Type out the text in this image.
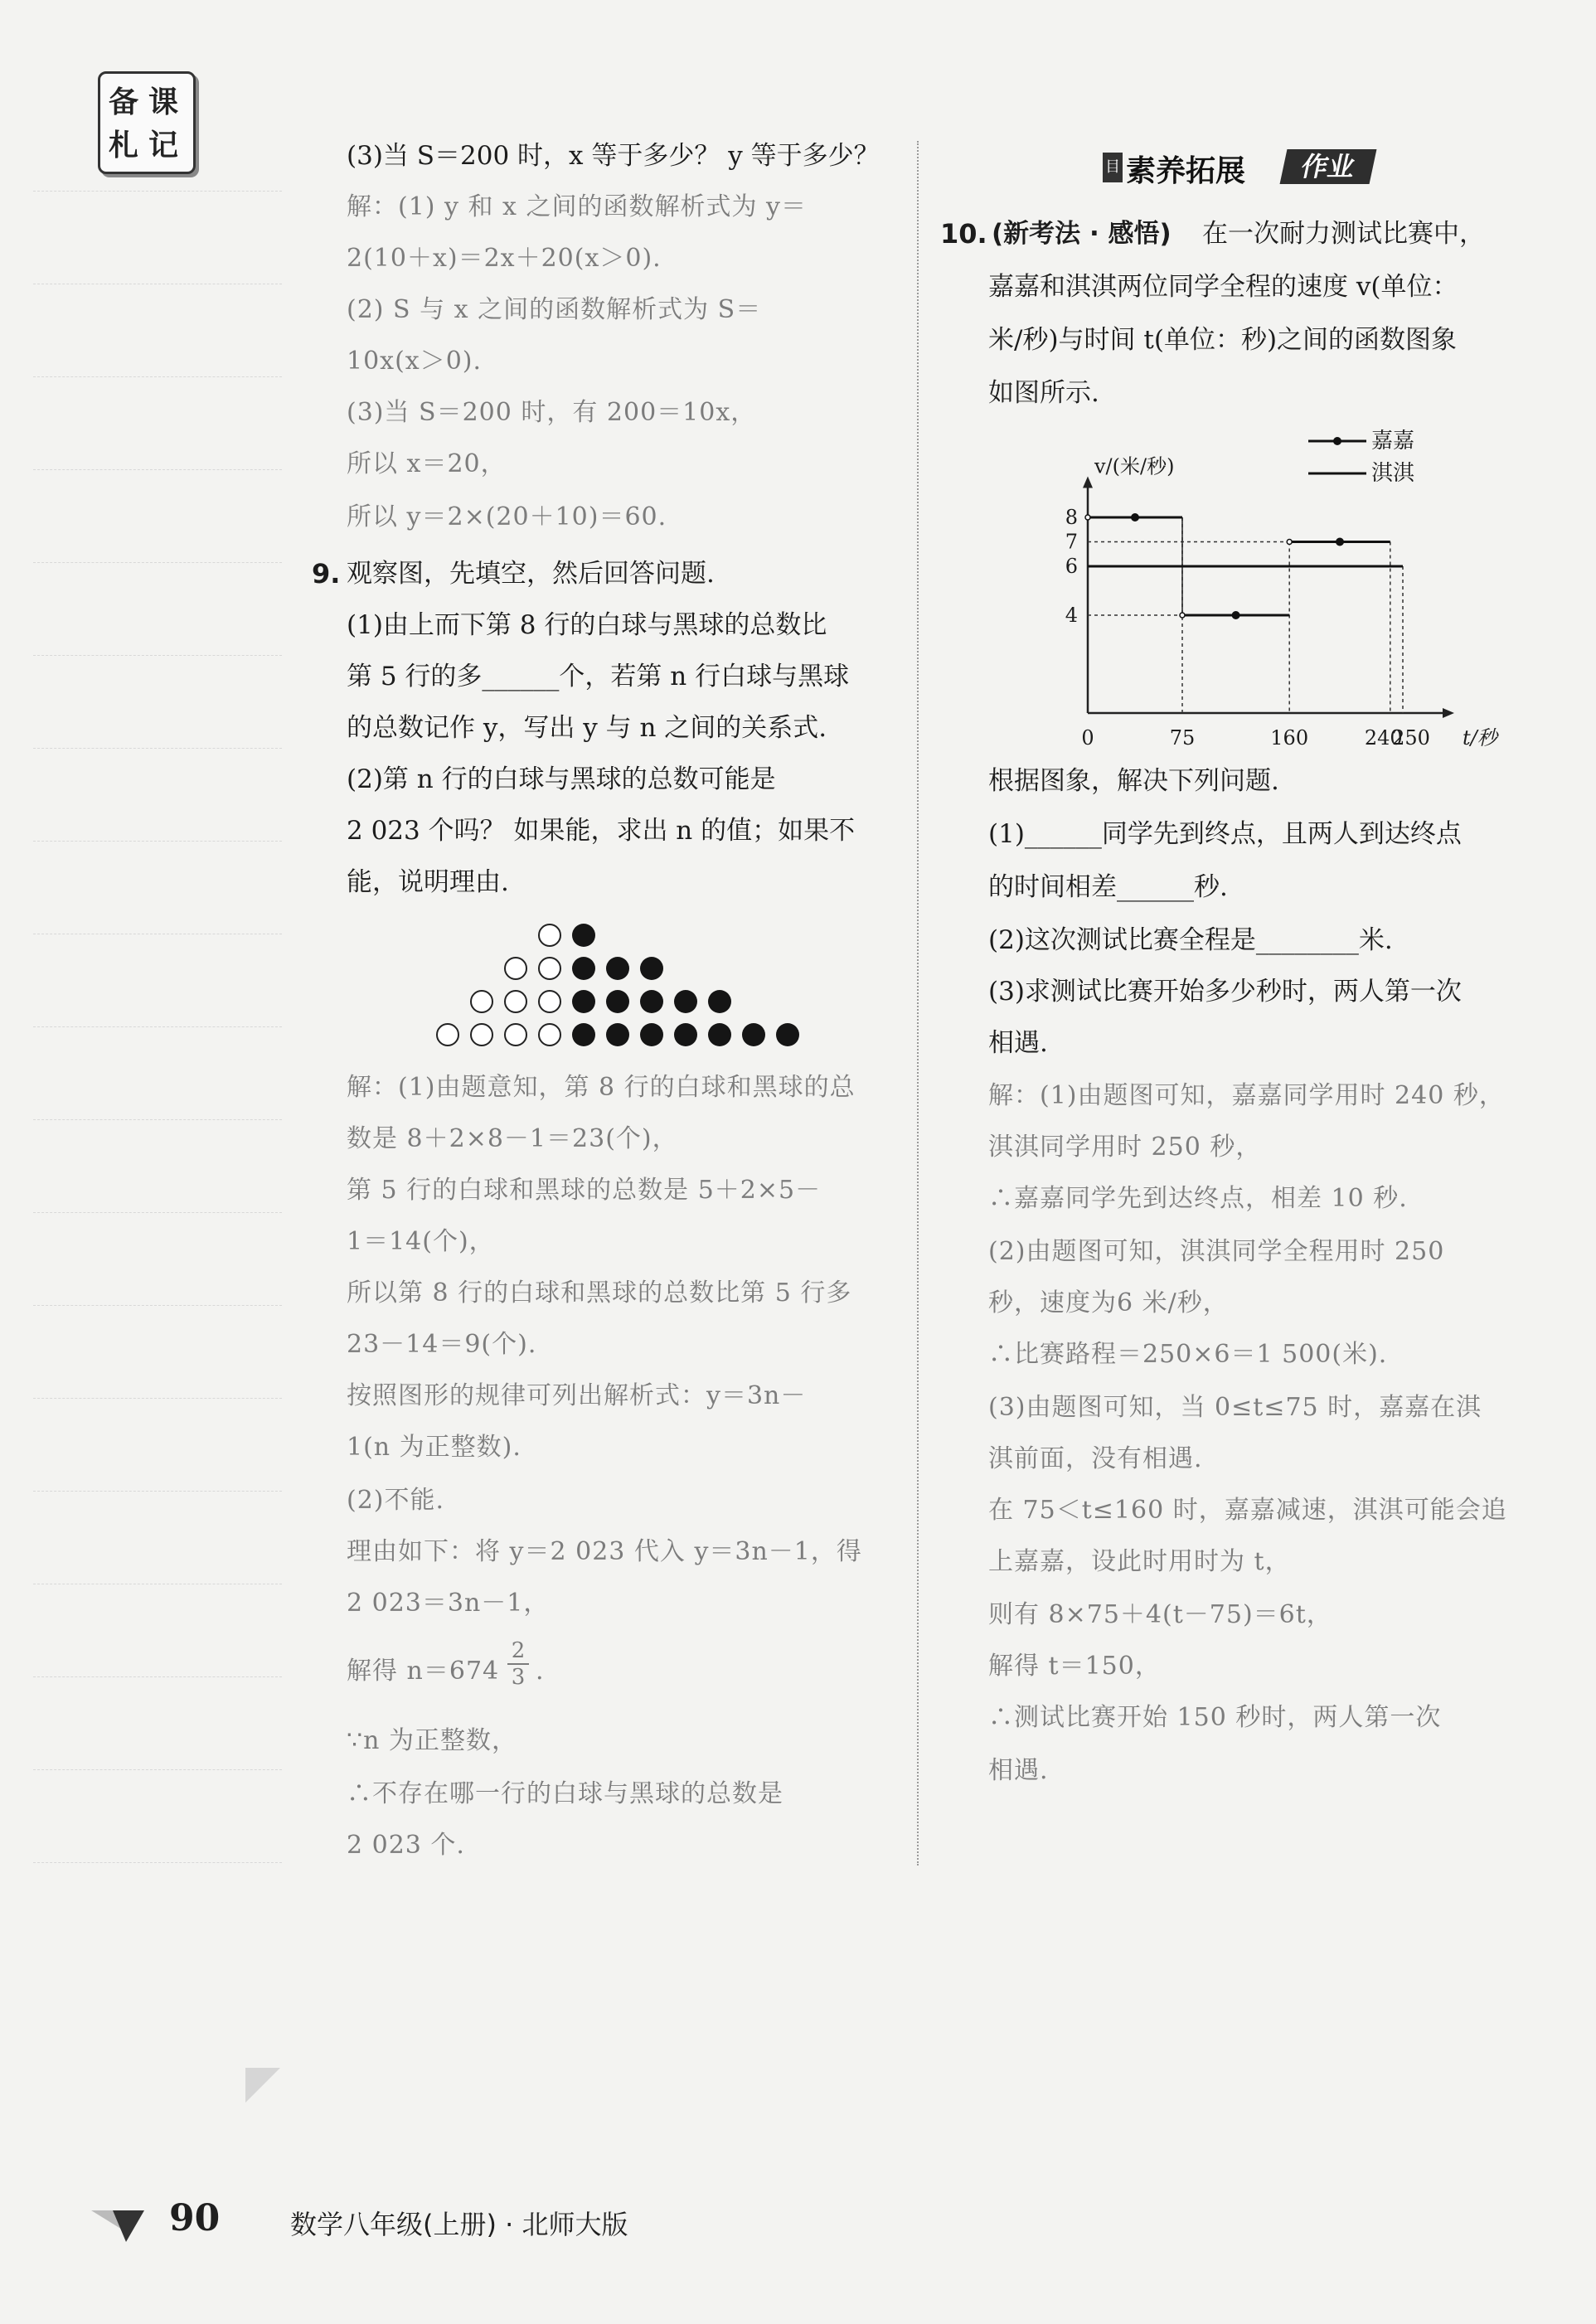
备 课
札 记	(3)当 S＝200 时，x 等于多少？ y 等于多少？
解：(1) y 和 x 之间的函数解析式为 y＝
2(10＋x)＝2x＋20(x＞0).
(2) S 与 x 之间的函数解析式为 S＝
10x(x＞0).
(3)当 S＝200 时，有 200＝10x，
所以 x＝20，
所以 y＝2×(20＋10)＝60.
9. 观察图，先填空，然后回答问题.
(1)由上而下第 8 行的白球与黑球的总数比
第 5 行的多______个，若第 n 行白球与黑球
的总数记作 y，写出 y 与 n 之间的关系式.
(2)第 n 行的白球与黑球的总数可能是
2 023 个吗？ 如果能，求出 n 的值；如果不
能，说明理由.
解：(1)由题意知，第 8 行的白球和黑球的总
数是 8＋2×8－1＝23(个)，
第 5 行的白球和黑球的总数是 5＋2×5－
1＝14(个)，
所以第 8 行的白球和黑球的总数比第 5 行多
23－14＝9(个).
按照图形的规律可列出解析式：y＝3n－
1(n 为正整数).
(2)不能.
理由如下：将 y＝2 023 代入 y＝3n－1，得
2 023＝3n－1，
解得 $n=674 \frac{2}{3}$ .
∵n 为正整数，
∴不存在哪一行的白球与黑球的总数是
2 023 个.
目 素养拓展	作业
10. (新考法 · 感悟) 在一次耐力测试比赛中，
嘉嘉和淇淇两位同学全程的速度 v(单位：
米/秒)与时间 t(单位：秒)之间的函数图象
如图所示.
v/(米/秒)
t/秒
0	75	160	240
250
4
6
7
8
嘉嘉
淇淇
根据图象，解决下列问题.
(1)______同学先到终点，且两人到达终点
的时间相差______秒.
(2)这次测试比赛全程是________米.
(3)求测试比赛开始多少秒时，两人第一次
相遇.
解：(1)由题图可知，嘉嘉同学用时 240 秒，
淇淇同学用时 250 秒，
∴嘉嘉同学先到达终点，相差 10 秒.
(2)由题图可知，淇淇同学全程用时 250
秒，速度为6 米/秒，
∴比赛路程＝250×6＝1 500(米).
(3)由题图可知，当 0≤t≤75 时，嘉嘉在淇
淇前面，没有相遇.
在 75＜t≤160 时，嘉嘉减速，淇淇可能会追
上嘉嘉，设此时用时为 t，
则有 8×75＋4(t－75)＝6t，
解得 t＝150，
∴测试比赛开始 150 秒时，两人第一次
相遇.
90	数学八年级(上册) · 北师大版
